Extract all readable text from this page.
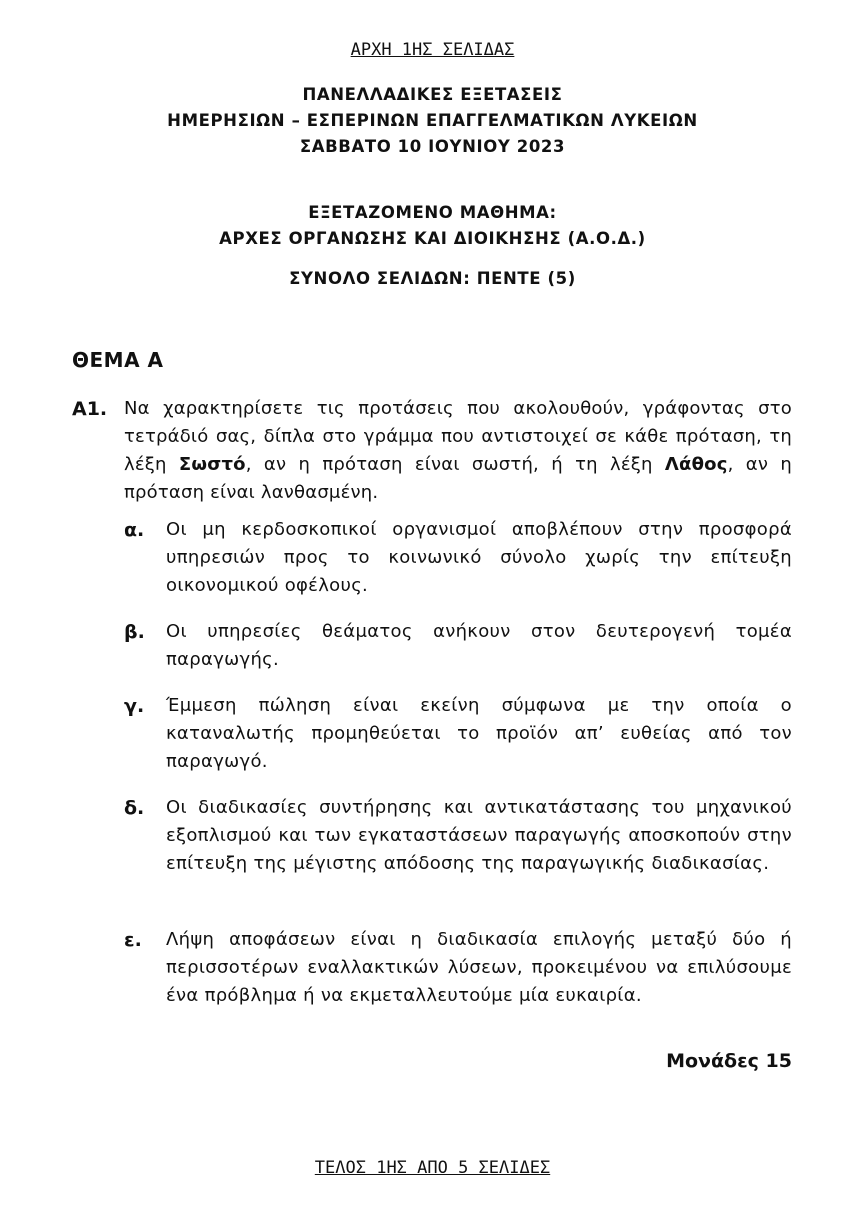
ΑΡΧΗ 1ΗΣ ΣΕΛΙΔΑΣ
ΠΑΝΕΛΛΑΔΙΚΕΣ ΕΞΕΤΑΣΕΙΣ
ΗΜΕΡΗΣΙΩΝ – ΕΣΠΕΡΙΝΩΝ ΕΠΑΓΓΕΛΜΑΤΙΚΩΝ ΛΥΚΕΙΩΝ
ΣΑΒΒΑΤΟ 10 ΙΟΥΝΙΟΥ 2023
ΕΞΕΤΑΖΟΜΕΝΟ ΜΑΘΗΜΑ:
ΑΡΧΕΣ ΟΡΓΑΝΩΣΗΣ ΚΑΙ ΔΙΟΙΚΗΣΗΣ (Α.Ο.Δ.)
ΣΥΝΟΛΟ ΣΕΛΙΔΩΝ: ΠΕΝΤΕ (5)
ΘΕΜΑ Α
Α1. Να χαρακτηρίσετε τις προτάσεις που ακολουθούν, γράφοντας στο τετράδιό σας, δίπλα στο γράμμα που αντιστοιχεί σε κάθε πρόταση, τη λέξη Σωστό, αν η πρόταση είναι σωστή, ή τη λέξη Λάθος, αν η πρόταση είναι λανθασμένη.
α. Οι μη κερδοσκοπικοί οργανισμοί αποβλέπουν στην προσφορά υπηρεσιών προς το κοινωνικό σύνολο χωρίς την επίτευξη οικονομικού οφέλους.
β. Οι υπηρεσίες θεάματος ανήκουν στον δευτερογενή τομέα παραγωγής.
γ. Έμμεση πώληση είναι εκείνη σύμφωνα με την οποία ο καταναλωτής προμηθεύεται το προϊόν απ’ ευθείας από τον παραγωγό.
δ. Οι διαδικασίες συντήρησης και αντικατάστασης του μηχανικού εξοπλισμού και των εγκαταστάσεων παραγωγής αποσκοπούν στην επίτευξη της μέγιστης απόδοσης της παραγωγικής διαδικασίας.
ε. Λήψη αποφάσεων είναι η διαδικασία επιλογής μεταξύ δύο ή περισσοτέρων εναλλακτικών λύσεων, προκειμένου να επιλύσουμε ένα πρόβλημα ή να εκμεταλλευτούμε μία ευκαιρία.
Μονάδες 15
ΤΕΛΟΣ 1ΗΣ ΑΠΟ 5 ΣΕΛΙΔΕΣ
